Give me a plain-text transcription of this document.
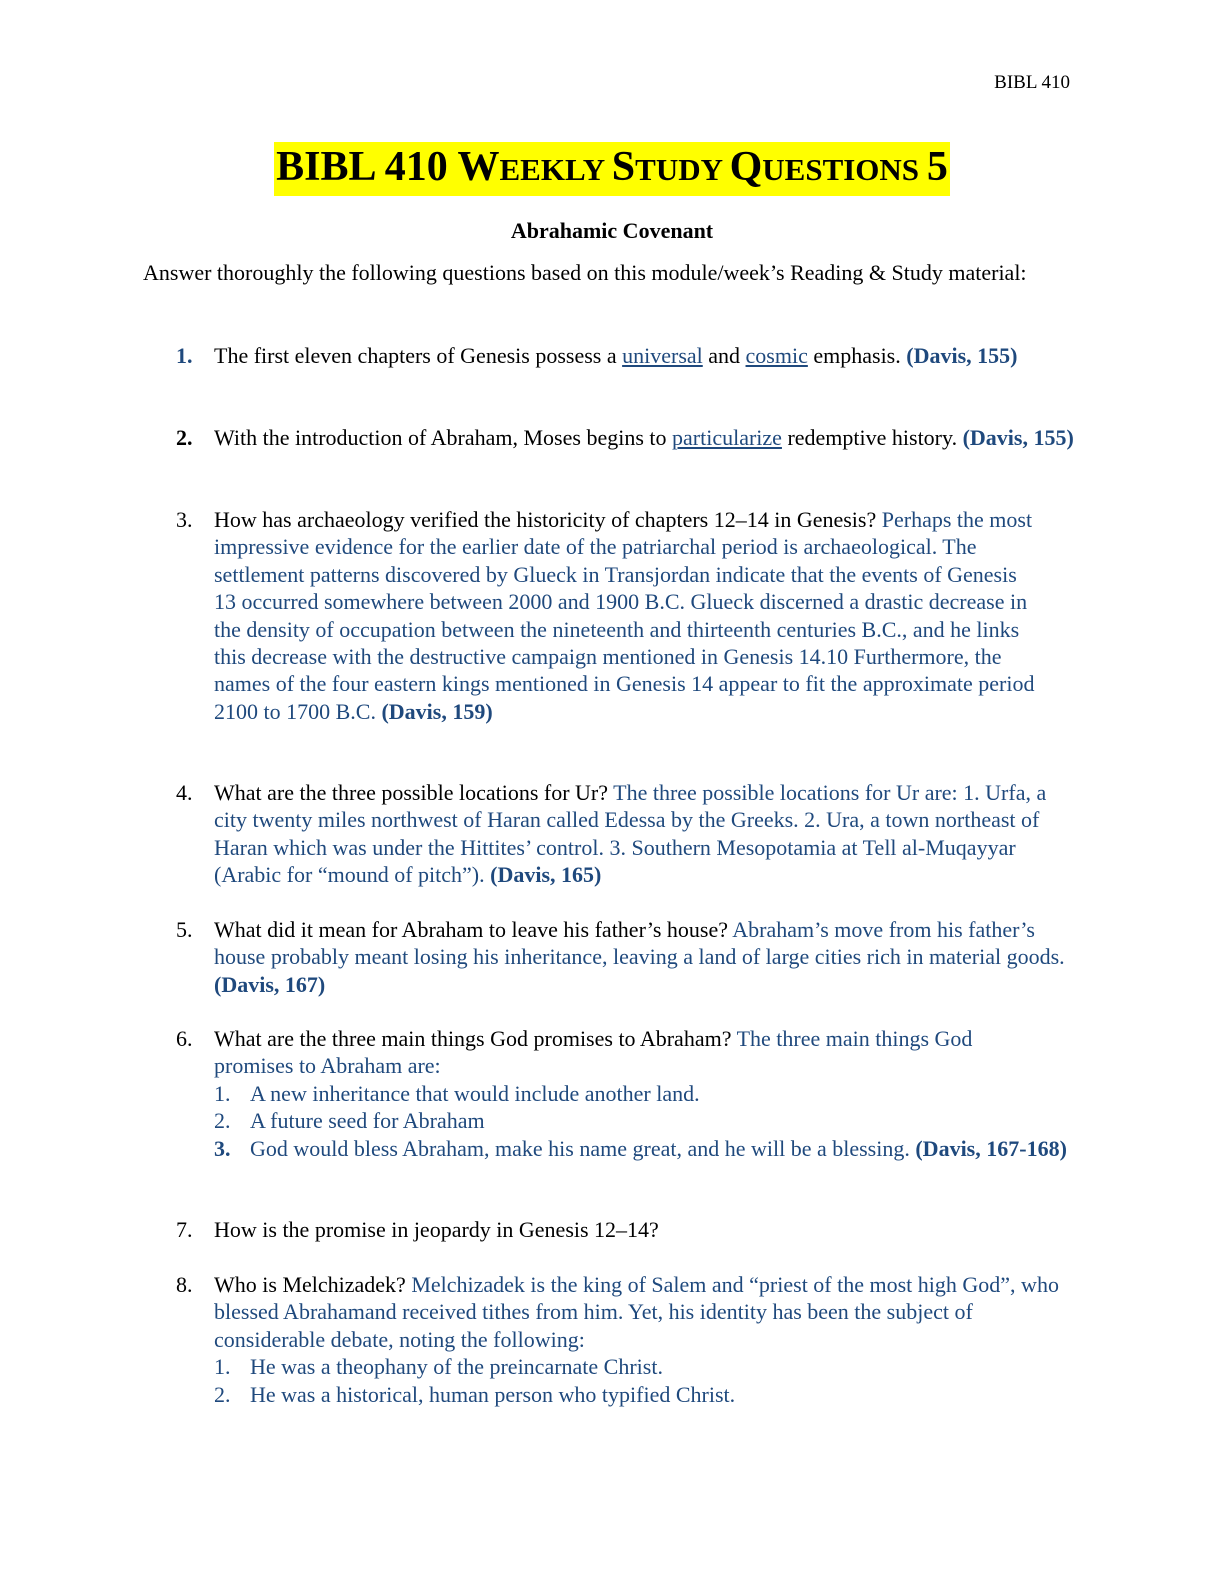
BIBL 410
BIBL 410 WEEKLY STUDY QUESTIONS 5
Abrahamic Covenant
Answer thoroughly the following questions based on this module/week’s Reading & Study material:
1. The first eleven chapters of Genesis possess a universal and cosmic emphasis. (Davis, 155)
2. With the introduction of Abraham, Moses begins to particularize redemptive history. (Davis, 155)
3. How has archaeology verified the historicity of chapters 12–14 in Genesis? Perhaps the most impressive evidence for the earlier date of the patriarchal period is archaeological. The settlement patterns discovered by Glueck in Transjordan indicate that the events of Genesis 13 occurred somewhere between 2000 and 1900 B.C. Glueck discerned a drastic decrease in the density of occupation between the nineteenth and thirteenth centuries B.C., and he links this decrease with the destructive campaign mentioned in Genesis 14.10 Furthermore, the names of the four eastern kings mentioned in Genesis 14 appear to fit the approximate period 2100 to 1700 B.C. (Davis, 159)
4. What are the three possible locations for Ur? The three possible locations for Ur are: 1. Urfa, a city twenty miles northwest of Haran called Edessa by the Greeks. 2. Ura, a town northeast of Haran which was under the Hittites’ control. 3. Southern Mesopotamia at Tell al-Muqayyar (Arabic for “mound of pitch”). (Davis, 165)
5. What did it mean for Abraham to leave his father’s house? Abraham’s move from his father’s house probably meant losing his inheritance, leaving a land of large cities rich in material goods. (Davis, 167)
6. What are the three main things God promises to Abraham? The three main things God promises to Abraham are:
1. A new inheritance that would include another land.
2. A future seed for Abraham
3. God would bless Abraham, make his name great, and he will be a blessing. (Davis, 167-168)
7. How is the promise in jeopardy in Genesis 12–14?
8. Who is Melchizadek? Melchizadek is the king of Salem and “priest of the most high God”, who blessed Abrahamand received tithes from him. Yet, his identity has been the subject of considerable debate, noting the following:
1. He was a theophany of the preincarnate Christ.
2. He was a historical, human person who typified Christ.
